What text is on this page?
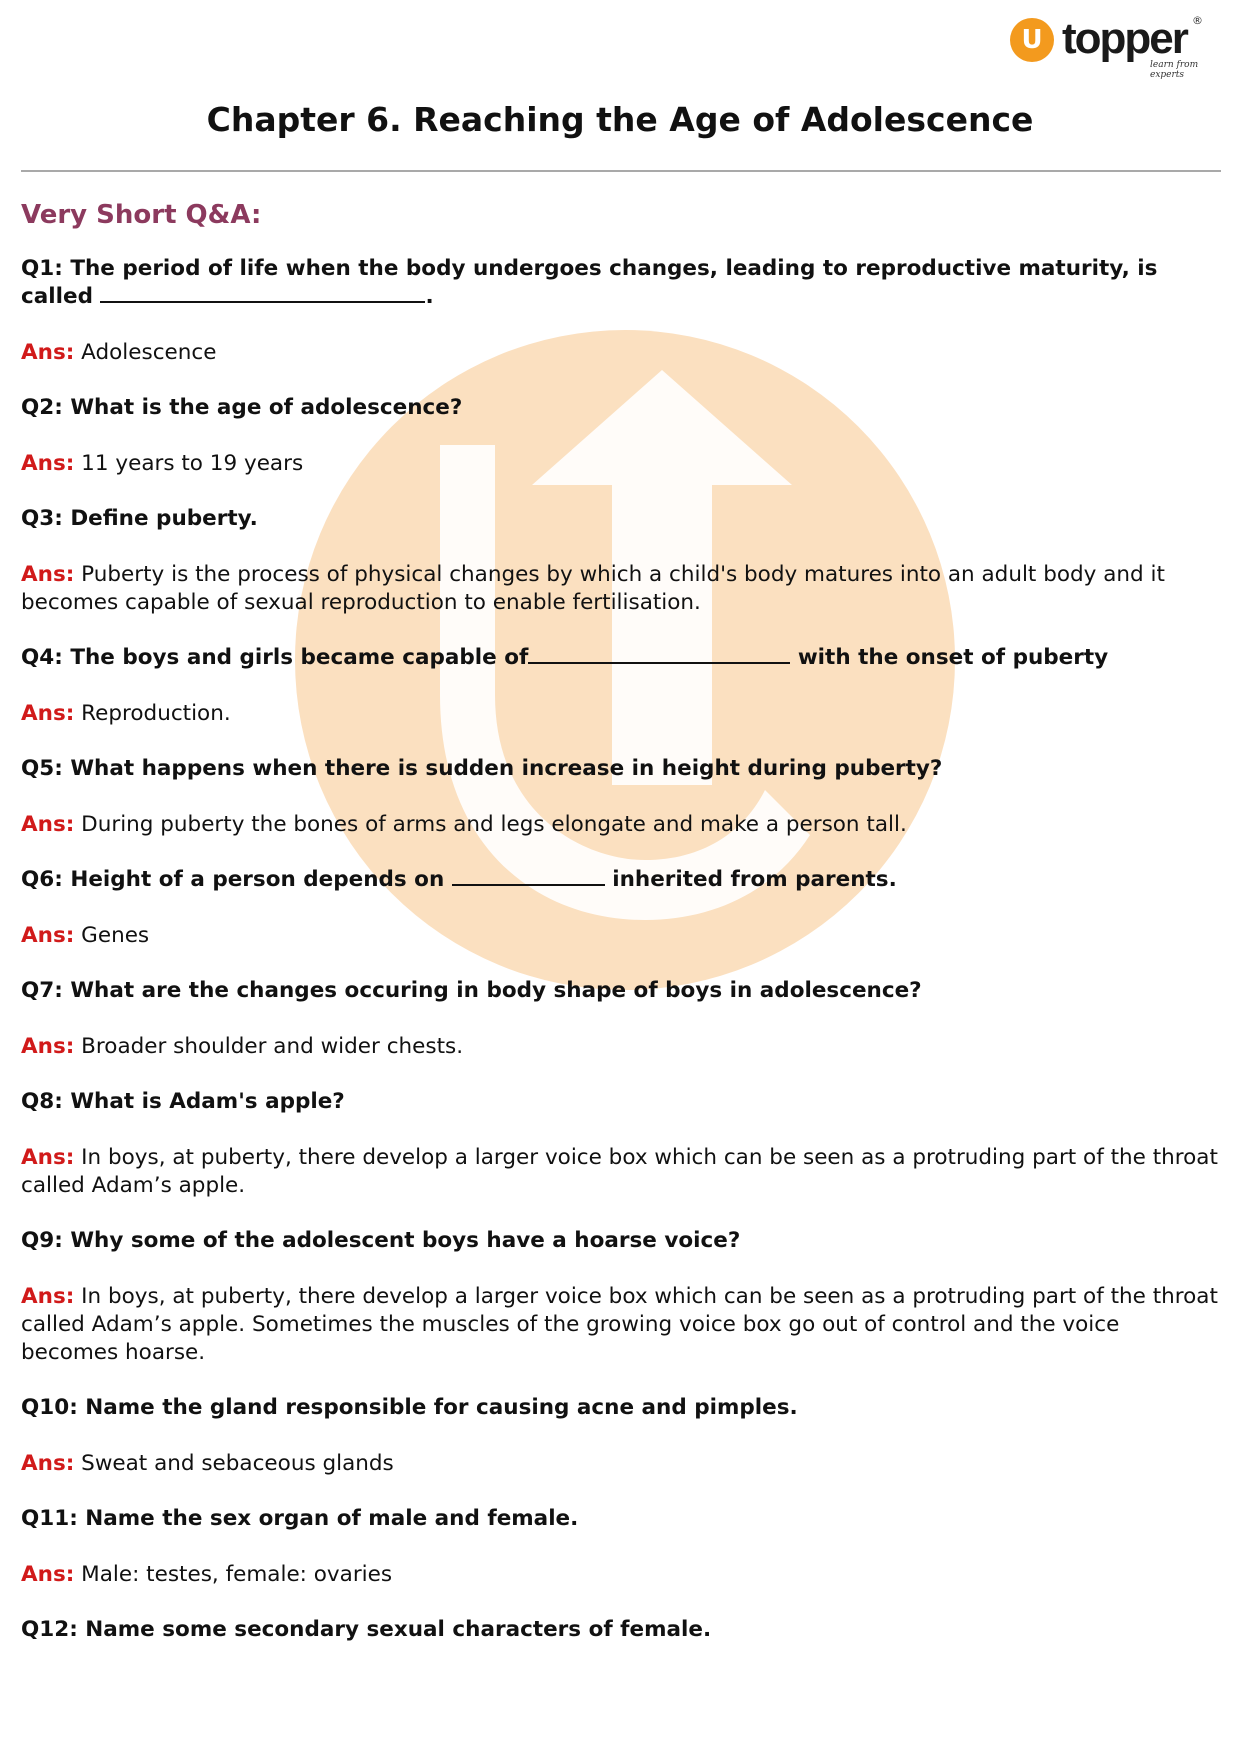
U topper ®
learn from experts
Chapter 6. Reaching the Age of Adolescence
Very Short Q&A:

Q1: The period of life when the body undergoes changes, leading to reproductive maturity, is called	.

Ans: Adolescence

Q2: What is the age of adolescence?

Ans: 11 years to 19 years

Q3: Define puberty.

Ans: Puberty is the process of physical changes by which a child's body matures into an adult body and it becomes capable of sexual reproduction to enable fertilisation.

Q4: The boys and girls became capable of	with the onset of puberty

Ans: Reproduction.

Q5: What happens when there is sudden increase in height during puberty?

Ans: During puberty the bones of arms and legs elongate and make a person tall.

Q6: Height of a person depends on	inherited from parents.

Ans: Genes

Q7: What are the changes occuring in body shape of boys in adolescence?

Ans: Broader shoulder and wider chests.

Q8: What is Adam's apple?

Ans: In boys, at puberty, there develop a larger voice box which can be seen as a protruding part of the throat called Adam’s apple.

Q9: Why some of the adolescent boys have a hoarse voice?

Ans: In boys, at puberty, there develop a larger voice box which can be seen as a protruding part of the throat called Adam’s apple. Sometimes the muscles of the growing voice box go out of control and the voice becomes hoarse.

Q10: Name the gland responsible for causing acne and pimples.

Ans: Sweat and sebaceous glands

Q11: Name the sex organ of male and female.

Ans: Male: testes, female: ovaries

Q12: Name some secondary sexual characters of female.
